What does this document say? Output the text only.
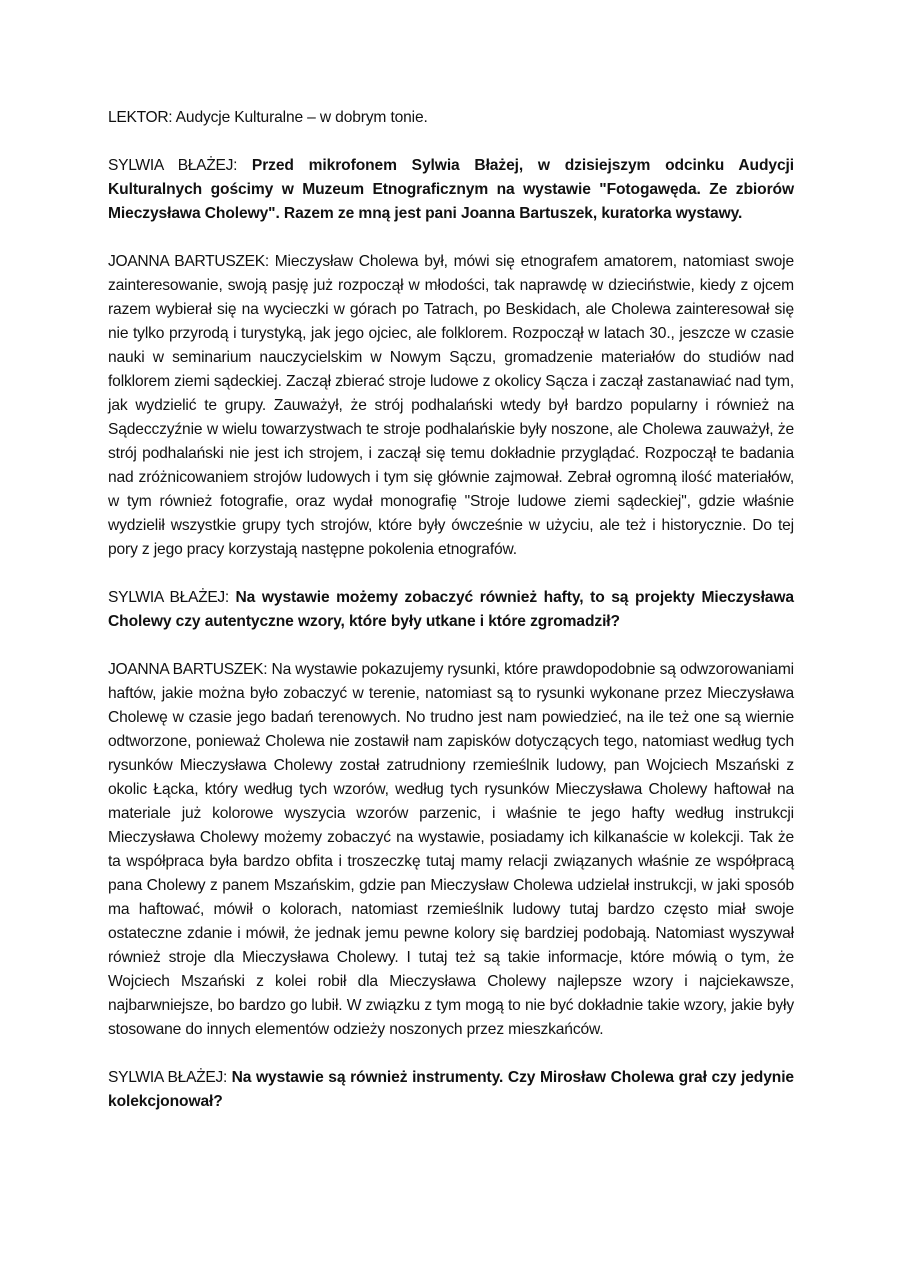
LEKTOR: Audycje Kulturalne – w dobrym tonie.

SYLWIA BŁAŻEJ: Przed mikrofonem Sylwia Błażej, w dzisiejszym odcinku Audycji Kulturalnych gościmy w Muzeum Etnograficznym na wystawie "Fotogawęda. Ze zbiorów Mieczysława Cholewy". Razem ze mną jest pani Joanna Bartuszek, kuratorka wystawy.

JOANNA BARTUSZEK: Mieczysław Cholewa był, mówi się etnografem amatorem, natomiast swoje zainteresowanie, swoją pasję już rozpoczął w młodości, tak naprawdę w dzieciństwie, kiedy z ojcem razem wybierał się na wycieczki w górach po Tatrach, po Beskidach, ale Cholewa zainteresował się nie tylko przyrodą i turystyką, jak jego ojciec, ale folklorem. Rozpoczął w latach 30., jeszcze w czasie nauki w seminarium nauczycielskim w Nowym Sączu, gromadzenie materiałów do studiów nad folklorem ziemi sądeckiej. Zaczął zbierać stroje ludowe z okolicy Sącza i zaczął zastanawiać nad tym, jak wydzielić te grupy. Zauważył, że strój podhalański wtedy był bardzo popularny i również na Sądecczyźnie w wielu towarzystwach te stroje podhalańskie były noszone, ale Cholewa zauważył, że strój podhalański nie jest ich strojem, i zaczął się temu dokładnie przyglądać. Rozpoczął te badania nad zróżnicowaniem strojów ludowych i tym się głównie zajmował. Zebrał ogromną ilość materiałów, w tym również fotografie, oraz wydał monografię "Stroje ludowe ziemi sądeckiej", gdzie właśnie wydzielił wszystkie grupy tych strojów, które były ówcześnie w użyciu, ale też i historycznie. Do tej pory z jego pracy korzystają następne pokolenia etnografów.

SYLWIA BŁAŻEJ: Na wystawie możemy zobaczyć również hafty, to są projekty Mieczysława Cholewy czy autentyczne wzory, które były utkane i które zgromadził?

JOANNA BARTUSZEK: Na wystawie pokazujemy rysunki, które prawdopodobnie są odwzorowaniami haftów, jakie można było zobaczyć w terenie, natomiast są to rysunki wykonane przez Mieczysława Cholewę w czasie jego badań terenowych. No trudno jest nam powiedzieć, na ile też one są wiernie odtworzone, ponieważ Cholewa nie zostawił nam zapisków dotyczących tego, natomiast według tych rysunków Mieczysława Cholewy został zatrudniony rzemieślnik ludowy, pan Wojciech Mszański z okolic Łącka, który według tych wzorów, według tych rysunków Mieczysława Cholewy haftował na materiale już kolorowe wyszycia wzorów parzenic, i właśnie te jego hafty według instrukcji Mieczysława Cholewy możemy zobaczyć na wystawie, posiadamy ich kilkanaście w kolekcji. Tak że ta współpraca była bardzo obfita i troszeczkę tutaj mamy relacji związanych właśnie ze współpracą pana Cholewy z panem Mszańskim, gdzie pan Mieczysław Cholewa udzielał instrukcji, w jaki sposób ma haftować, mówił o kolorach, natomiast rzemieślnik ludowy tutaj bardzo często miał swoje ostateczne zdanie i mówił, że jednak jemu pewne kolory się bardziej podobają. Natomiast wyszywał również stroje dla Mieczysława Cholewy. I tutaj też są takie informacje, które mówią o tym, że Wojciech Mszański z kolei robił dla Mieczysława Cholewy najlepsze wzory i najciekawsze, najbarwniejsze, bo bardzo go lubił. W związku z tym mogą to nie być dokładnie takie wzory, jakie były stosowane do innych elementów odzieży noszonych przez mieszkańców.

SYLWIA BŁAŻEJ: Na wystawie są również instrumenty. Czy Mirosław Cholewa grał czy jedynie kolekcjonował?
